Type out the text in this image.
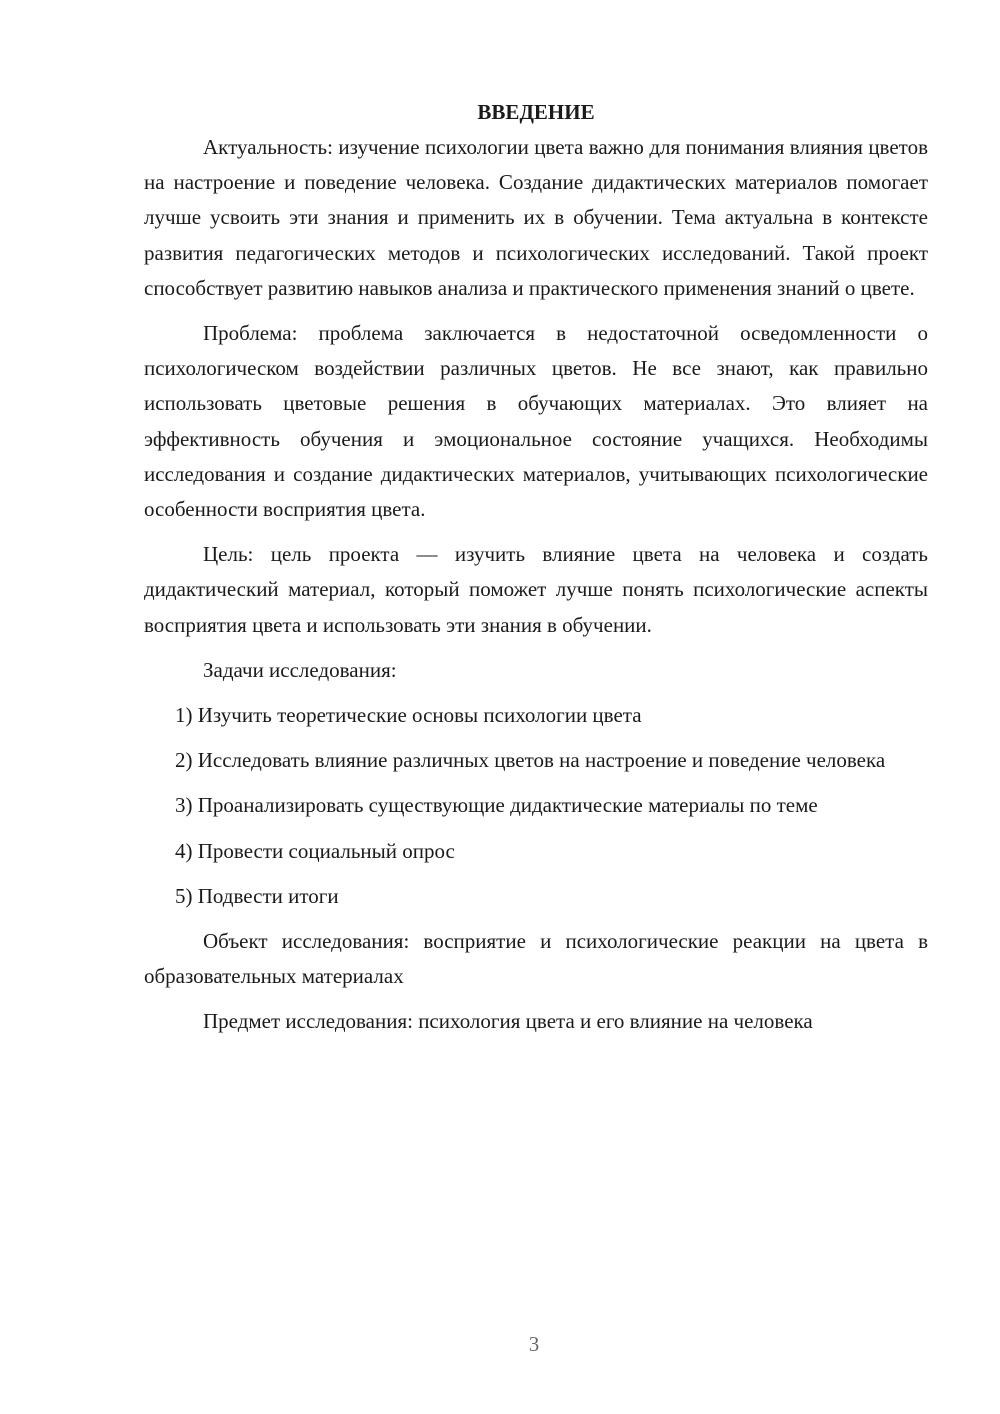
ВВЕДЕНИЕ

Актуальность: изучение психологии цвета важно для понимания влияния цветов на настроение и поведение человека. Создание дидактических материалов помогает лучше усвоить эти знания и применить их в обучении. Тема актуальна в контексте развития педагогических методов и психологических исследований. Такой проект способствует развитию навыков анализа и практического применения знаний о цвете.

Проблема: проблема заключается в недостаточной осведомленности о психологическом воздействии различных цветов. Не все знают, как правильно использовать цветовые решения в обучающих материалах. Это влияет на эффективность обучения и эмоциональное состояние учащихся. Необходимы исследования и создание дидактических материалов, учитывающих психологические особенности восприятия цвета.

Цель: цель проекта — изучить влияние цвета на человека и создать дидактический материал, который поможет лучше понять психологические аспекты восприятия цвета и использовать эти знания в обучении.

Задачи исследования:

1) Изучить теоретические основы психологии цвета

2) Исследовать влияние различных цветов на настроение и поведение человека

3) Проанализировать существующие дидактические материалы по теме

4) Провести социальный опрос

5) Подвести итоги

Объект исследования: восприятие и психологические реакции на цвета в образовательных материалах

Предмет исследования: психология цвета и его влияние на человека

3
